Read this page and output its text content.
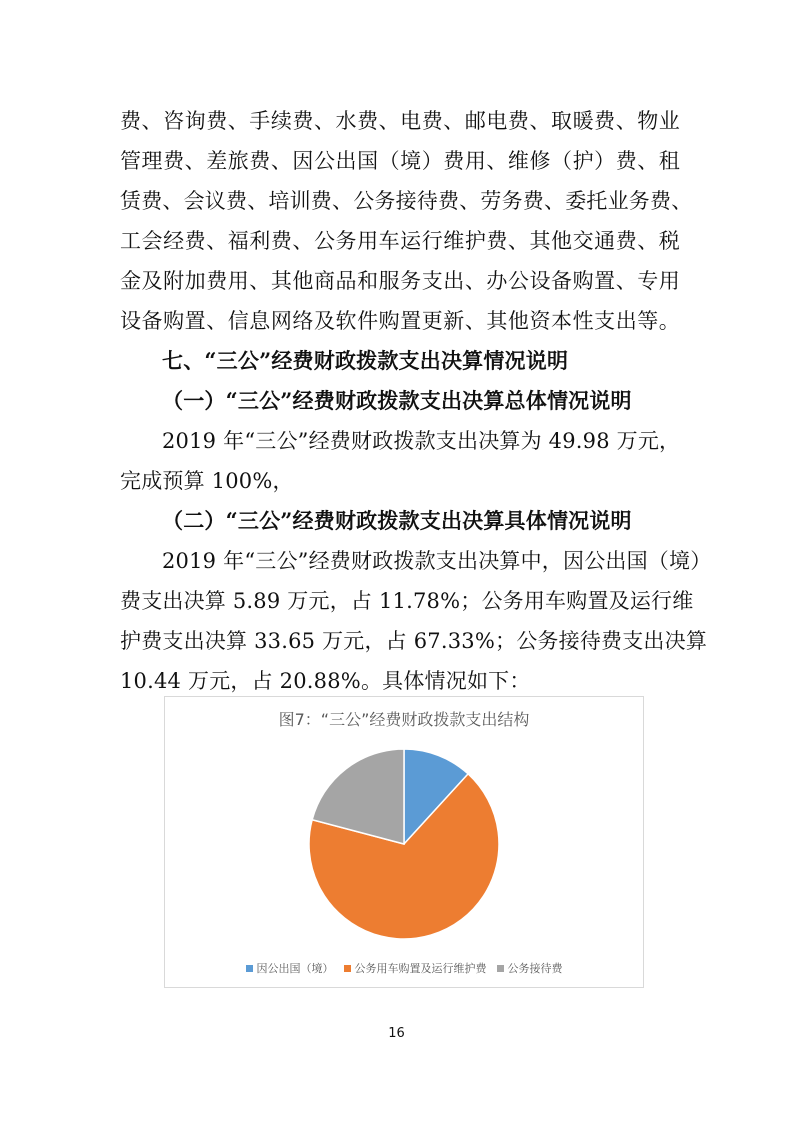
费、咨询费、手续费、水费、电费、邮电费、取暖费、物业
管理费、差旅费、因公出国（境）费用、维修（护）费、租
赁费、会议费、培训费、公务接待费、劳务费、委托业务费、
工会经费、福利费、公务用车运行维护费、其他交通费、税
金及附加费用、其他商品和服务支出、办公设备购置、专用
设备购置、信息网络及软件购置更新、其他资本性支出等。
七、“三公”经费财政拨款支出决算情况说明
（一）“三公”经费财政拨款支出决算总体情况说明
2019 年“三公”经费财政拨款支出决算为 49.98 万元，
完成预算 100%，
（二）“三公”经费财政拨款支出决算具体情况说明
2019 年“三公”经费财政拨款支出决算中，因公出国（境）
费支出决算 5.89 万元，占 11.78%；公务用车购置及运行维
护费支出决算 33.65 万元，占 67.33%；公务接待费支出决算
10.44 万元，占 20.88%。具体情况如下：
图7：“三公”经费财政拨款支出结构
因公出国（境） 公务用车购置及运行维护费 公务接待费
16
